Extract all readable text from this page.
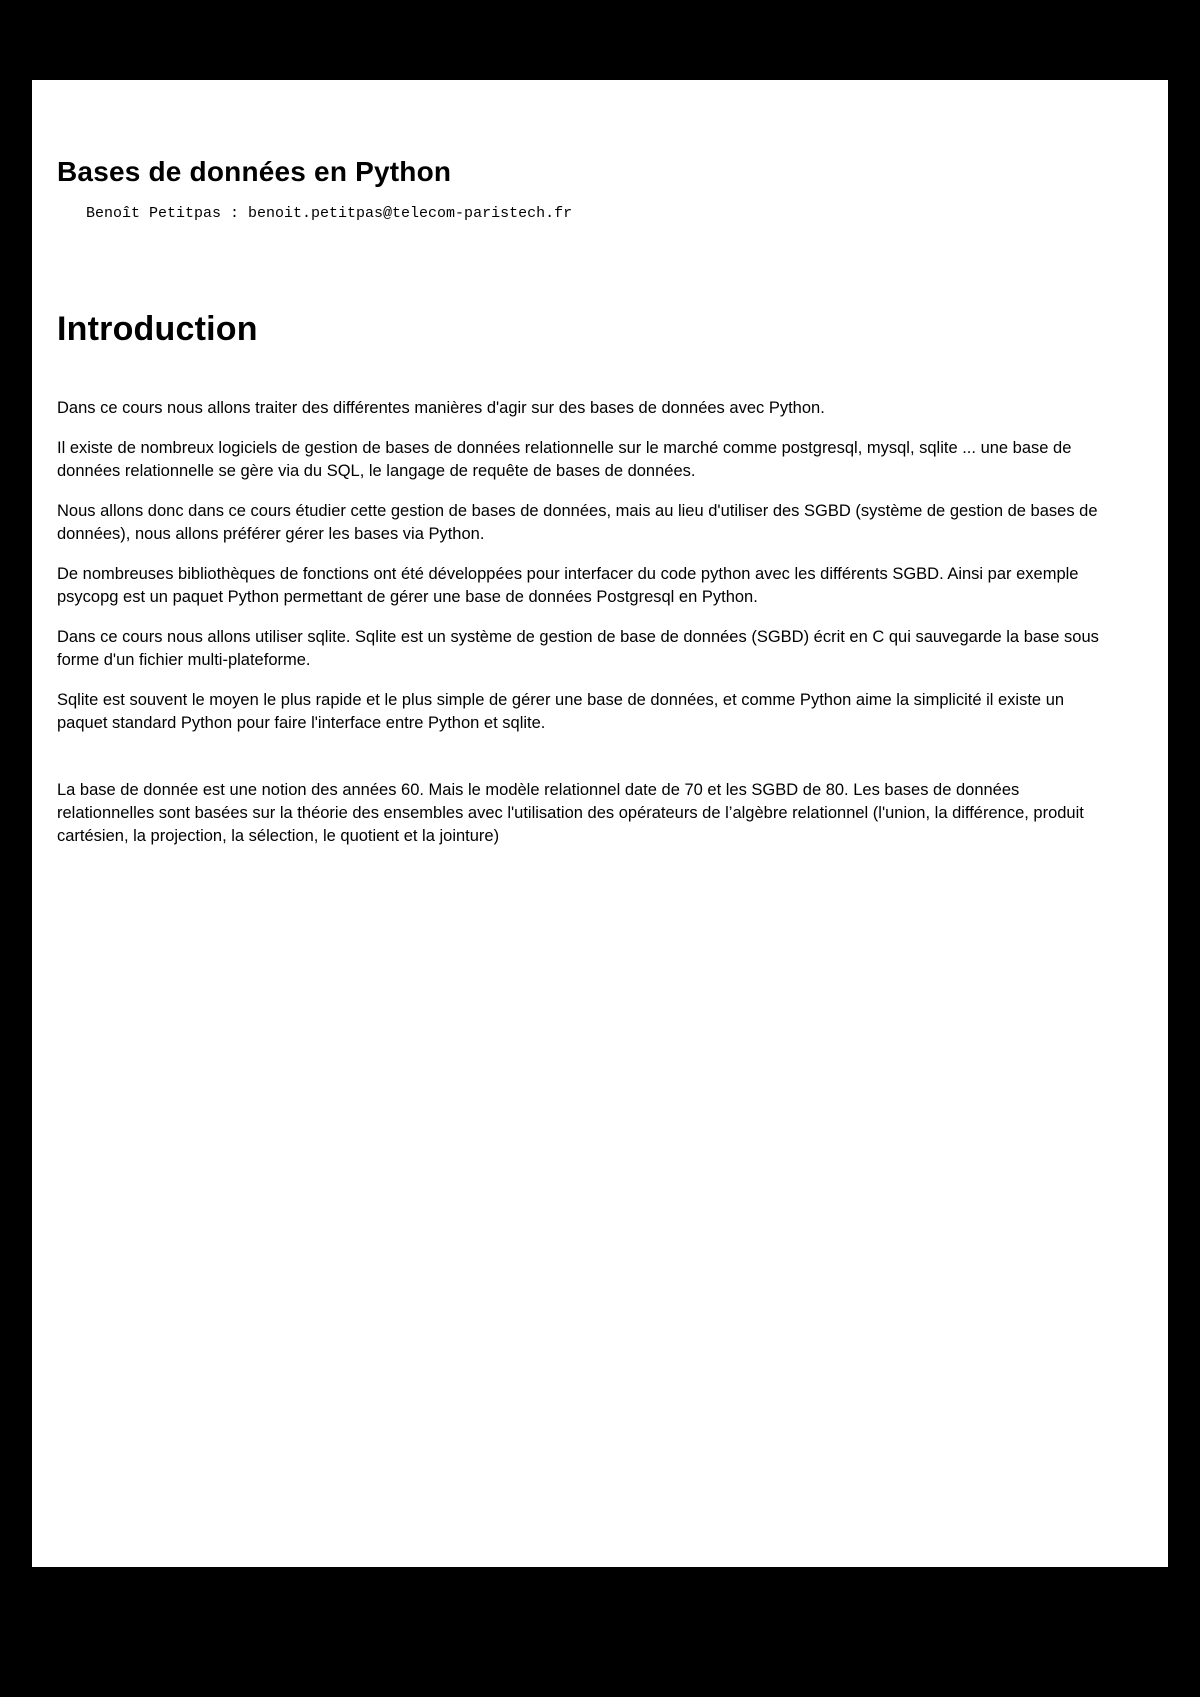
Bases de données en Python
Benoît Petitpas : benoit.petitpas@telecom-paristech.fr
Introduction

Dans ce cours nous allons traiter des différentes manières d'agir sur des bases de données avec Python.

Il existe de nombreux logiciels de gestion de bases de données relationnelle sur le marché comme postgresql, mysql, sqlite ... une base de données relationnelle se gère via du SQL, le langage de requête de bases de données.

Nous allons donc dans ce cours étudier cette gestion de bases de données, mais au lieu d'utiliser des SGBD (système de gestion de bases de données), nous allons préférer gérer les bases via Python.

De nombreuses bibliothèques de fonctions ont été développées pour interfacer du code python avec les différents SGBD. Ainsi par exemple psycopg est un paquet Python permettant de gérer une base de données Postgresql en Python.

Dans ce cours nous allons utiliser sqlite. Sqlite est un système de gestion de base de données (SGBD) écrit en C qui sauvegarde la base sous forme d'un fichier multi-plateforme.

Sqlite est souvent le moyen le plus rapide et le plus simple de gérer une base de données, et comme Python aime la simplicité il existe un paquet standard Python pour faire l'interface entre Python et sqlite.

La base de donnée est une notion des années 60. Mais le modèle relationnel date de 70 et les SGBD de 80. Les bases de données relationnelles sont basées sur la théorie des ensembles avec l'utilisation des opérateurs de l’algèbre relationnel (l'union, la différence, produit cartésien, la projection, la sélection, le quotient et la jointure)
